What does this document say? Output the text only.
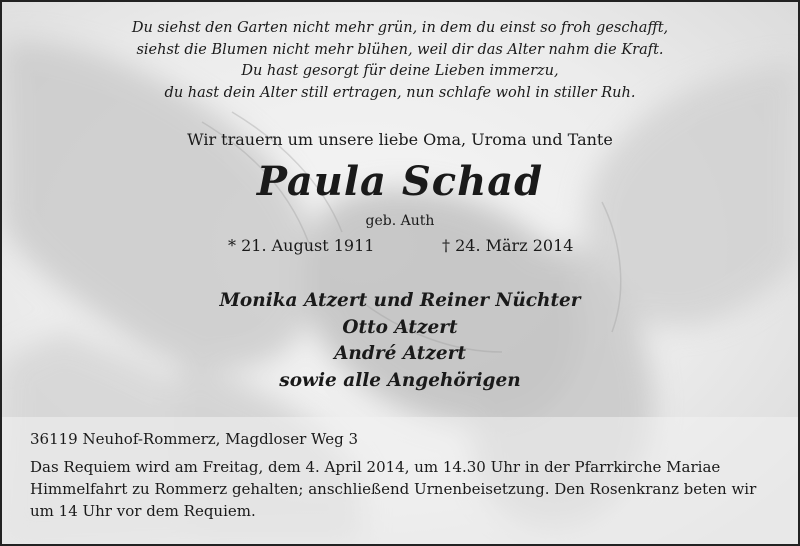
Du siehst den Garten nicht mehr grün, in dem du einst so froh geschafft,
siehst die Blumen nicht mehr blühen, weil dir das Alter nahm die Kraft.
Du hast gesorgt für deine Lieben immerzu,
du hast dein Alter still ertragen, nun schlafe wohl in stiller Ruh.
Wir trauern um unsere liebe Oma, Uroma und Tante
Paula Schad
geb. Auth
* 21. August 1911	† 24. März 2014
Monika Atzert und Reiner Nüchter
Otto Atzert
André Atzert
sowie alle Angehörigen
36119 Neuhof-Rommerz, Magdloser Weg 3
Das Requiem wird am Freitag, dem 4. April 2014, um 14.30 Uhr in der Pfarrkirche Mariae Himmelfahrt zu Rommerz gehalten; anschließend Urnenbeisetzung. Den Rosenkranz beten wir um 14 Uhr vor dem Requiem.
